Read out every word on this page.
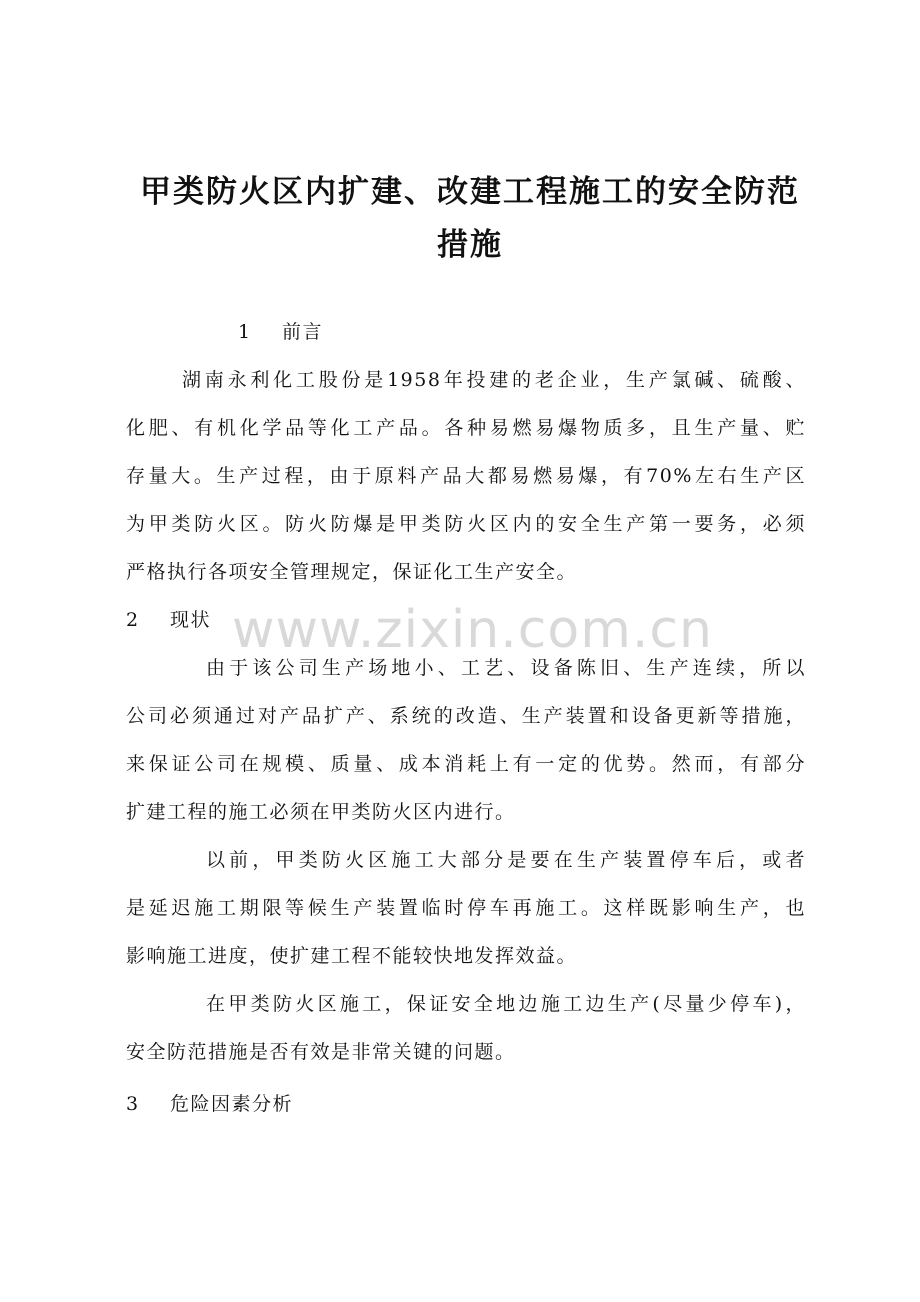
甲类防火区内扩建、改建工程施工的安全防范
措施

1 前言

湖南永利化工股份是1958年投建的老企业，生产氯碱、硫酸、
化肥、有机化学品等化工产品。各种易燃易爆物质多，且生产量、贮
存量大。生产过程，由于原料产品大都易燃易爆，有70%左右生产区
为甲类防火区。防火防爆是甲类防火区内的安全生产第一要务，必须
严格执行各项安全管理规定，保证化工生产安全。
www.zixin.com.cn

2 现状

由于该公司生产场地小、工艺、设备陈旧、生产连续，所以
公司必须通过对产品扩产、系统的改造、生产装置和设备更新等措施，
来保证公司在规模、质量、成本消耗上有一定的优势。然而，有部分
扩建工程的施工必须在甲类防火区内进行。
以前，甲类防火区施工大部分是要在生产装置停车后，或者
是延迟施工期限等候生产装置临时停车再施工。这样既影响生产，也
影响施工进度，使扩建工程不能较快地发挥效益。
在甲类防火区施工，保证安全地边施工边生产(尽量少停车)，
安全防范措施是否有效是非常关键的问题。

3 危险因素分析
